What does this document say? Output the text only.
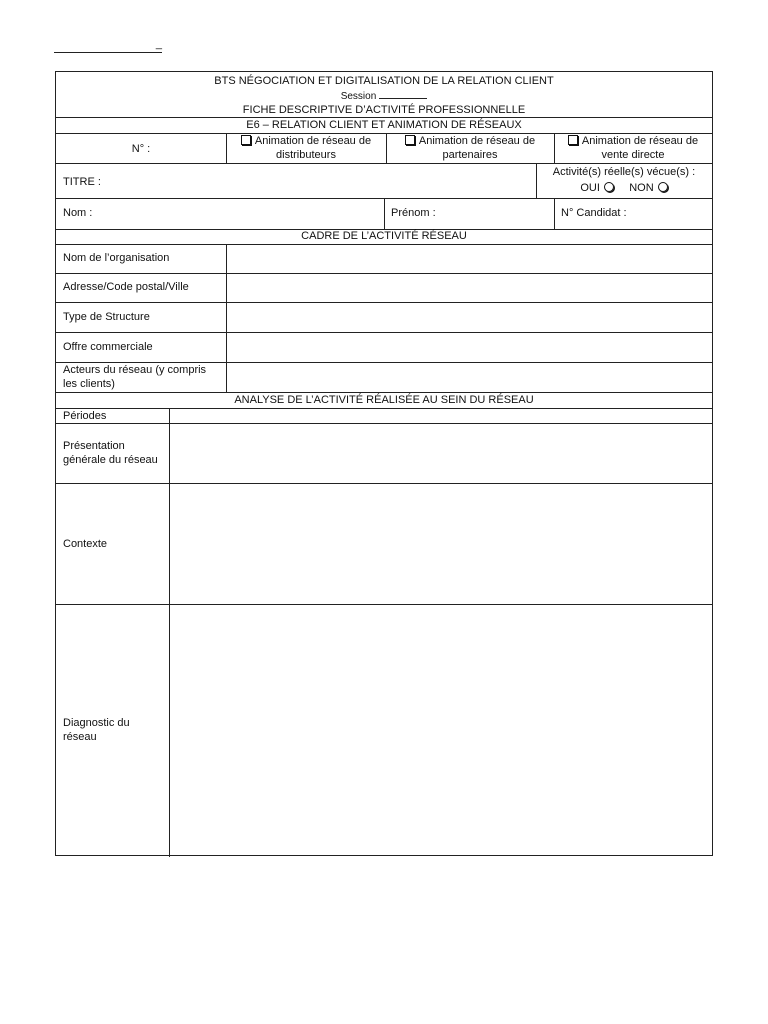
_
BTS NÉGOCIATION ET DIGITALISATION DE LA RELATION CLIENT
Session
FICHE DESCRIPTIVE D’ACTIVITÉ PROFESSIONNELLE
E6 – RELATION CLIENT ET ANIMATION DE RÉSEAUX
N° :
Animation de réseau de distributeurs
Animation de réseau de partenaires
Animation de réseau de vente directe
TITRE :
Activité(s) réelle(s) vécue(s) :
OUI	NON
Nom :	Prénom :	N° Candidat :
CADRE DE L’ACTIVITÉ RÉSEAU
Nom de l’organisation
Adresse/Code postal/Ville
Type de Structure
Offre commerciale
Acteurs du réseau (y compris les clients)
ANALYSE DE L’ACTIVITÉ RÉALISÉE AU SEIN DU RÉSEAU
Périodes
Présentation générale du réseau
Contexte
Diagnostic du réseau
